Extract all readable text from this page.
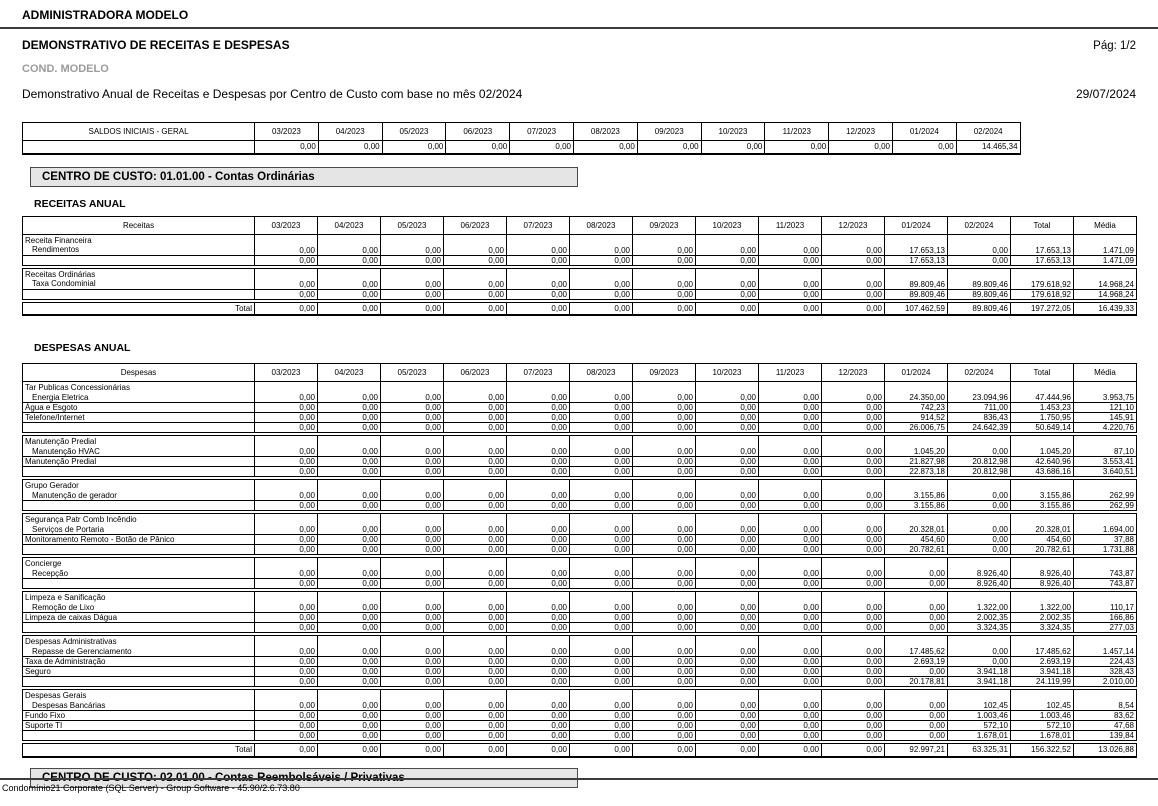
ADMINISTRADORA MODELO
DEMONSTRATIVO DE RECEITAS E DESPESAS	Pág: 1/2
COND. MODELO
Demonstrativo Anual de Receitas e Despesas por Centro de Custo com base no mês 02/2024	29/07/2024
SALDOS INICIAIS - GERAL	03/2023	04/2023	05/2023	06/2023	07/2023	08/2023	09/2023	10/2023	11/2023	12/2023	01/2024	02/2024
	0,00	0,00	0,00	0,00	0,00	0,00	0,00	0,00	0,00	0,00	0,00	14.465,34
CENTRO DE CUSTO: 01.01.00 - Contas Ordinárias
RECEITAS ANUAL
Receitas	03/2023	04/2023	05/2023	06/2023	07/2023	08/2023	09/2023	10/2023	11/2023	12/2023	01/2024	02/2024	Total	Média
Receita Financeira
Rendimentos	0,00	0,00	0,00	0,00	0,00	0,00	0,00	0,00	0,00	0,00	17.653,13	0,00	17.653,13	1.471,09
	0,00	0,00	0,00	0,00	0,00	0,00	0,00	0,00	0,00	0,00	17.653,13	0,00	17.653,13	1.471,09
Receitas Ordinárias
Taxa Condominial	0,00	0,00	0,00	0,00	0,00	0,00	0,00	0,00	0,00	0,00	89.809,46	89.809,46	179.618,92	14.968,24
	0,00	0,00	0,00	0,00	0,00	0,00	0,00	0,00	0,00	0,00	89.809,46	89.809,46	179.618,92	14.968,24
Total	0,00	0,00	0,00	0,00	0,00	0,00	0,00	0,00	0,00	0,00	107.462,59	89.809,46	197.272,05	16.439,33
DESPESAS ANUAL
Despesas	03/2023	04/2023	05/2023	06/2023	07/2023	08/2023	09/2023	10/2023	11/2023	12/2023	01/2024	02/2024	Total	Média
Tar Publicas Concessionárias
Energia Eletrica	0,00	0,00	0,00	0,00	0,00	0,00	0,00	0,00	0,00	0,00	24.350,00	23.094,96	47.444,96	3.953,75
Água e Esgoto	0,00	0,00	0,00	0,00	0,00	0,00	0,00	0,00	0,00	0,00	742,23	711,00	1.453,23	121,10
Telefone/Internet	0,00	0,00	0,00	0,00	0,00	0,00	0,00	0,00	0,00	0,00	914,52	836,43	1.750,95	145,91
	0,00	0,00	0,00	0,00	0,00	0,00	0,00	0,00	0,00	0,00	26.006,75	24.642,39	50.649,14	4.220,76
Manutenção Predial
Manutenção HVAC	0,00	0,00	0,00	0,00	0,00	0,00	0,00	0,00	0,00	0,00	1.045,20	0,00	1.045,20	87,10
Manutenção Predial	0,00	0,00	0,00	0,00	0,00	0,00	0,00	0,00	0,00	0,00	21.827,98	20.812,98	42.640,96	3.553,41
	0,00	0,00	0,00	0,00	0,00	0,00	0,00	0,00	0,00	0,00	22.873,18	20.812,98	43.686,16	3.640,51
Grupo Gerador
Manutenção de gerador	0,00	0,00	0,00	0,00	0,00	0,00	0,00	0,00	0,00	0,00	3.155,86	0,00	3.155,86	262,99
	0,00	0,00	0,00	0,00	0,00	0,00	0,00	0,00	0,00	0,00	3.155,86	0,00	3.155,86	262,99
Segurança Patr Comb Incêndio
Serviços de Portaria	0,00	0,00	0,00	0,00	0,00	0,00	0,00	0,00	0,00	0,00	20.328,01	0,00	20.328,01	1.694,00
Monitoramento Remoto - Botão de Pânico	0,00	0,00	0,00	0,00	0,00	0,00	0,00	0,00	0,00	0,00	454,60	0,00	454,60	37,88
	0,00	0,00	0,00	0,00	0,00	0,00	0,00	0,00	0,00	0,00	20.782,61	0,00	20.782,61	1.731,88
Concierge
Recepção	0,00	0,00	0,00	0,00	0,00	0,00	0,00	0,00	0,00	0,00	0,00	8.926,40	8.926,40	743,87
	0,00	0,00	0,00	0,00	0,00	0,00	0,00	0,00	0,00	0,00	0,00	8.926,40	8.926,40	743,87
Limpeza e Sanificação
Remoção de Lixo	0,00	0,00	0,00	0,00	0,00	0,00	0,00	0,00	0,00	0,00	0,00	1.322,00	1.322,00	110,17
Limpeza de caixas Dágua	0,00	0,00	0,00	0,00	0,00	0,00	0,00	0,00	0,00	0,00	0,00	2.002,35	2.002,35	166,86
	0,00	0,00	0,00	0,00	0,00	0,00	0,00	0,00	0,00	0,00	0,00	3.324,35	3.324,35	277,03
Despesas Administrativas
Repasse de Gerenciamento	0,00	0,00	0,00	0,00	0,00	0,00	0,00	0,00	0,00	0,00	17.485,62	0,00	17.485,62	1.457,14
Taxa de Administração	0,00	0,00	0,00	0,00	0,00	0,00	0,00	0,00	0,00	0,00	2.693,19	0,00	2.693,19	224,43
Seguro	0,00	0,00	0,00	0,00	0,00	0,00	0,00	0,00	0,00	0,00	0,00	3.941,18	3.941,18	328,43
	0,00	0,00	0,00	0,00	0,00	0,00	0,00	0,00	0,00	0,00	20.178,81	3.941,18	24.119,99	2.010,00
Despesas Gerais
Despesas Bancárias	0,00	0,00	0,00	0,00	0,00	0,00	0,00	0,00	0,00	0,00	0,00	102,45	102,45	8,54
Fundo Fixo	0,00	0,00	0,00	0,00	0,00	0,00	0,00	0,00	0,00	0,00	0,00	1.003,46	1.003,46	83,62
Suporte TI	0,00	0,00	0,00	0,00	0,00	0,00	0,00	0,00	0,00	0,00	0,00	572,10	572,10	47,68
	0,00	0,00	0,00	0,00	0,00	0,00	0,00	0,00	0,00	0,00	0,00	1.678,01	1.678,01	139,84
Total	0,00	0,00	0,00	0,00	0,00	0,00	0,00	0,00	0,00	0,00	92.997,21	63.325,31	156.322,52	13.026,88
CENTRO DE CUSTO: 02.01.00 - Contas Reembolsáveis / Privativas
Condomínio21 Corporate (SQL Server) - Group Software - 45.90/2.6.73.80
